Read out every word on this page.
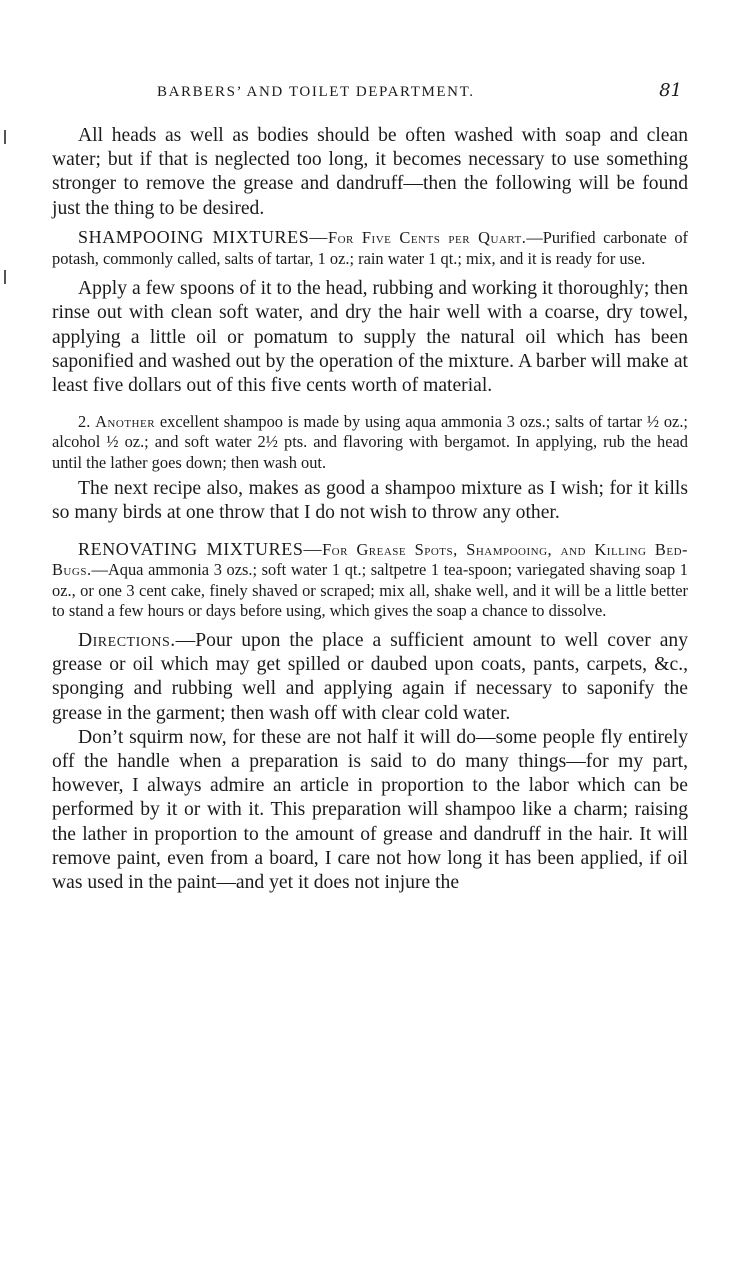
BARBERS’ AND TOILET DEPARTMENT.	81

All heads as well as bodies should be often washed with soap and clean water; but if that is neglected too long, it becomes necessary to use something stronger to remove the grease and dandruff—then the following will be found just the thing to be desired.

SHAMPOOING MIXTURES—For Five Cents per Quart.—Purified carbonate of potash, commonly called, salts of tartar, 1 oz.; rain water 1 qt.; mix, and it is ready for use.

Apply a few spoons of it to the head, rubbing and working it thoroughly; then rinse out with clean soft water, and dry the hair well with a coarse, dry towel, applying a little oil or pomatum to supply the natural oil which has been saponified and washed out by the operation of the mixture. A barber will make at least five dollars out of this five cents worth of material.

2. Another excellent shampoo is made by using aqua ammonia 3 ozs.; salts of tartar ½ oz.; alcohol ½ oz.; and soft water 2½ pts. and flavoring with bergamot. In applying, rub the head until the lather goes down; then wash out.

The next recipe also, makes as good a shampoo mixture as I wish; for it kills so many birds at one throw that I do not wish to throw any other.

RENOVATING MIXTURES—For Grease Spots, Shampooing, and Killing Bed-Bugs.—Aqua ammonia 3 ozs.; soft water 1 qt.; saltpetre 1 tea-spoon; variegated shaving soap 1 oz., or one 3 cent cake, finely shaved or scraped; mix all, shake well, and it will be a little better to stand a few hours or days before using, which gives the soap a chance to dissolve.

Directions.—Pour upon the place a sufficient amount to well cover any grease or oil which may get spilled or daubed upon coats, pants, carpets, &c., sponging and rubbing well and applying again if necessary to saponify the grease in the garment; then wash off with clear cold water.

Don’t squirm now, for these are not half it will do—some people fly entirely off the handle when a preparation is said to do many things—for my part, however, I always admire an article in proportion to the labor which can be performed by it or with it. This preparation will shampoo like a charm; raising the lather in proportion to the amount of grease and dandruff in the hair. It will remove paint, even from a board, I care not how long it has been applied, if oil was used in the paint—and yet it does not injure the
